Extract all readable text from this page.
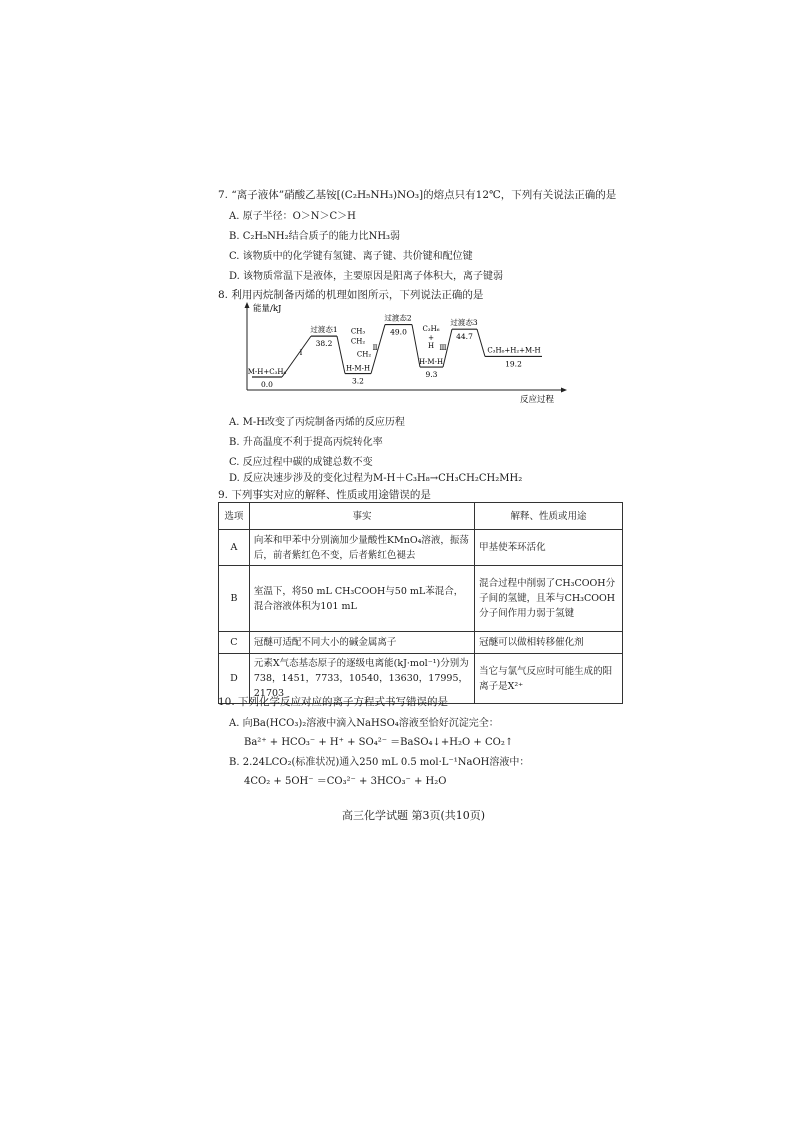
7. “离子液体”硝酸乙基铵[(C₂H₅NH₃)NO₃]的熔点只有12℃，下列有关说法正确的是
A. 原子半径：O＞N＞C＞H
B. C₂H₅NH₂结合质子的能力比NH₃弱
C. 该物质中的化学键有氢键、离子键、共价键和配位键
D. 该物质常温下是液体，主要原因是阳离子体积大，离子键弱
8. 利用丙烷制备丙烯的机理如图所示，下列说法正确的是
能量/kJ
反应过程
0.0
38.2
3.2
49.0
9.3
44.7
19.2
M-H+C₃H₈
过渡态1 CH₃
CH₂
CH₂
H-M-H
过渡态2
C₃H₆
+
H
H-M-H
过渡态3
C₃H₆+H₂+M-H
Ⅰ
Ⅱ	Ⅲ
A. M-H改变了丙烷制备丙烯的反应历程
B. 升高温度不利于提高丙烷转化率
C. 反应过程中碳的成键总数不变
D. 反应决速步涉及的变化过程为M-H＋C₃H₈→CH₃CH₂CH₂MH₂
9. 下列事实对应的解释、性质或用途错误的是
选项	事实	解释、性质或用途
A	向苯和甲苯中分别滴加少量酸性KMnO₄溶液，振荡后，前者紫红色不变，后者紫红色褪去	甲基使苯环活化
B	室温下，将50 mL CH₃COOH与50 mL苯混合，混合溶液体积为101 mL	混合过程中削弱了CH₃COOH分子间的氢键，且苯与CH₃COOH分子间作用力弱于氢键
C	冠醚可适配不同大小的碱金属离子	冠醚可以做相转移催化剂
D	元素X气态基态原子的逐级电离能(kJ·mol⁻¹)分别为738，1451，7733，10540，13630，17995，21703	当它与氯气反应时可能生成的阳离子是X²⁺
10. 下列化学反应对应的离子方程式书写错误的是
A. 向Ba(HCO₃)₂溶液中滴入NaHSO₄溶液至恰好沉淀完全：
Ba²⁺ + HCO₃⁻ + H⁺ + SO₄²⁻ ＝BaSO₄↓+H₂O + CO₂↑
B. 2.24LCO₂(标准状况)通入250 mL 0.5 mol·L⁻¹NaOH溶液中：
4CO₂ + 5OH⁻ ＝CO₃²⁻ + 3HCO₃⁻ + H₂O
高三化学试题 第3页(共10页)
